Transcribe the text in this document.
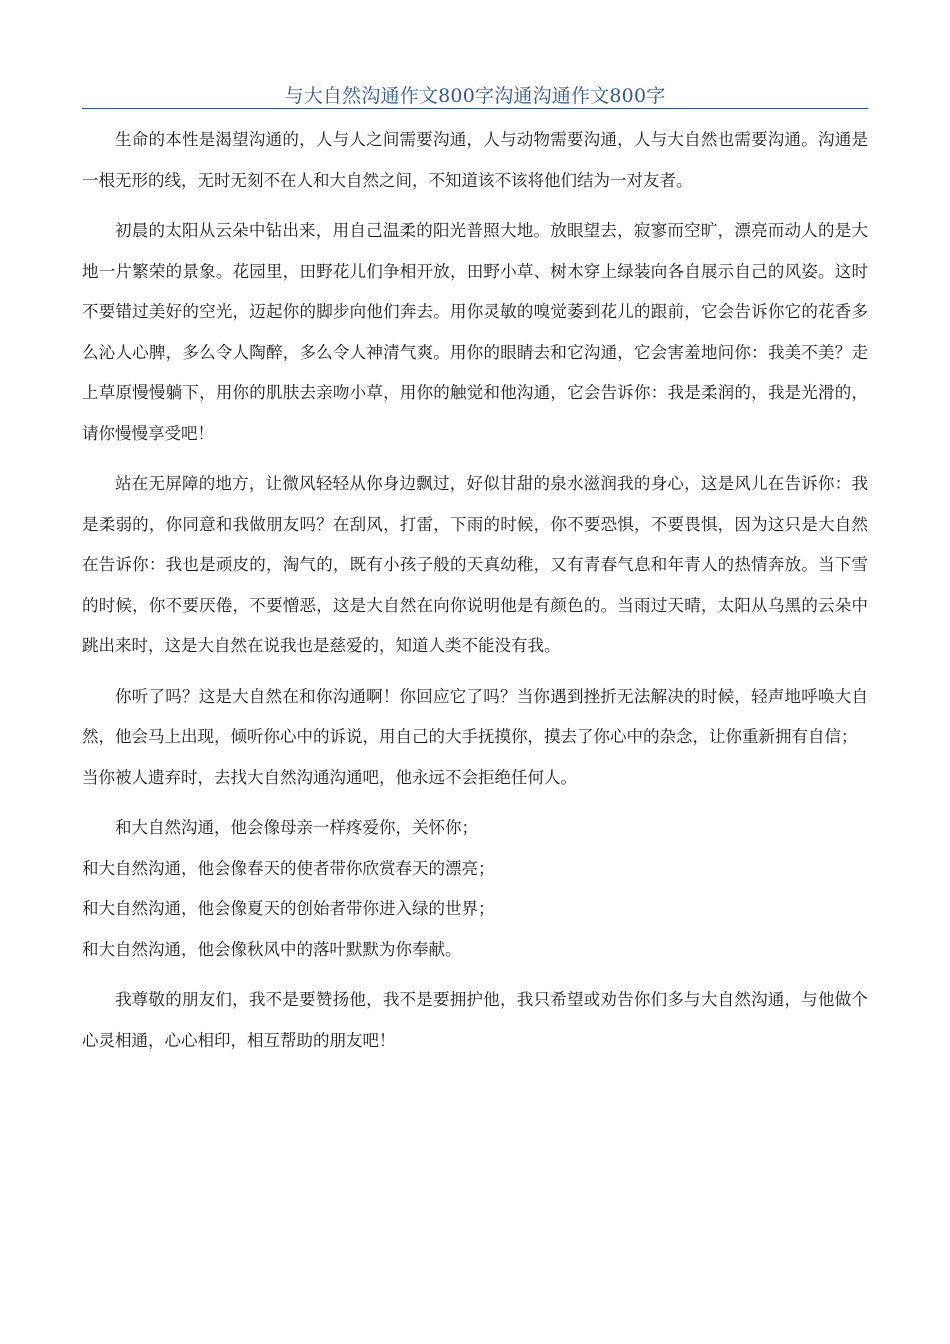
与大自然沟通作文800字沟通沟通作文800字

生命的本性是渴望沟通的，人与人之间需要沟通，人与动物需要沟通，人与大自然也需要沟通。沟通是一根无形的线，无时无刻不在人和大自然之间，不知道该不该将他们结为一对友者。

初晨的太阳从云朵中钻出来，用自己温柔的阳光普照大地。放眼望去，寂寥而空旷，漂亮而动人的是大地一片繁荣的景象。花园里，田野花儿们争相开放，田野小草、树木穿上绿装向各自展示自己的风姿。这时不要错过美好的空光，迈起你的脚步向他们奔去。用你灵敏的嗅觉萎到花儿的跟前，它会告诉你它的花香多么沁人心脾，多么令人陶醉，多么令人神清气爽。用你的眼睛去和它沟通，它会害羞地问你：我美不美？走上草原慢慢躺下，用你的肌肤去亲吻小草，用你的触觉和他沟通，它会告诉你：我是柔润的，我是光滑的，请你慢慢享受吧！

站在无屏障的地方，让微风轻轻从你身边飘过，好似甘甜的泉水滋润我的身心，这是风儿在告诉你：我是柔弱的，你同意和我做朋友吗？在刮风，打雷，下雨的时候，你不要恐惧，不要畏惧，因为这只是大自然在告诉你：我也是顽皮的，淘气的，既有小孩子般的天真幼稚，又有青春气息和年青人的热情奔放。当下雪的时候，你不要厌倦，不要憎恶，这是大自然在向你说明他是有颜色的。当雨过天晴，太阳从乌黑的云朵中跳出来时，这是大自然在说我也是慈爱的，知道人类不能没有我。

你听了吗？这是大自然在和你沟通啊！你回应它了吗？当你遇到挫折无法解决的时候，轻声地呼唤大自然，他会马上出现，倾听你心中的诉说，用自己的大手抚摸你，摸去了你心中的杂念，让你重新拥有自信；

当你被人遗弃时，去找大自然沟通沟通吧，他永远不会拒绝任何人。

和大自然沟通，他会像母亲一样疼爱你，关怀你；

和大自然沟通，他会像春天的使者带你欣赏春天的漂亮；

和大自然沟通，他会像夏天的创始者带你进入绿的世界；

和大自然沟通，他会像秋风中的落叶默默为你奉献。

我尊敬的朋友们，我不是要赞扬他，我不是要拥护他，我只希望或劝告你们多与大自然沟通，与他做个心灵相通，心心相印，相互帮助的朋友吧！
